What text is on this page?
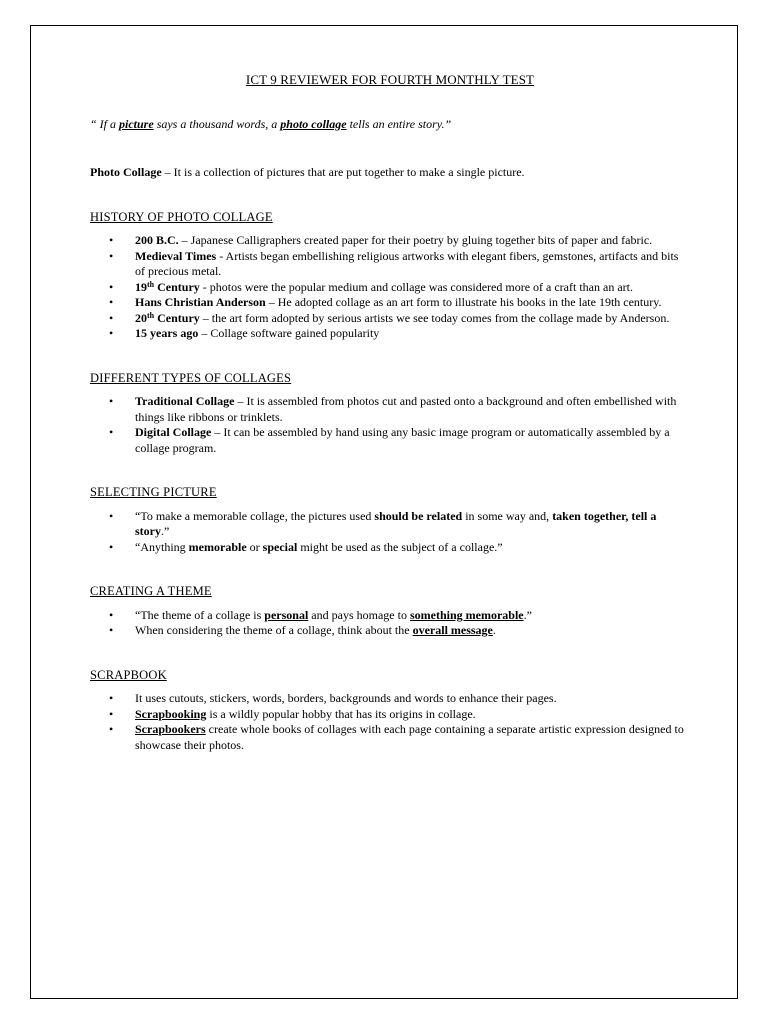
ICT 9 REVIEWER FOR FOURTH MONTHLY TEST

“ If a picture says a thousand words, a photo collage tells an entire story.”

Photo Collage – It is a collection of pictures that are put together to make a single picture.

HISTORY OF PHOTO COLLAGE
• 200 B.C. – Japanese Calligraphers created paper for their poetry by gluing together bits of paper and fabric.
• Medieval Times - Artists began embellishing religious artworks with elegant fibers, gemstones, artifacts and bits of precious metal.
• 19th Century - photos were the popular medium and collage was considered more of a craft than an art.
• Hans Christian Anderson – He adopted collage as an art form to illustrate his books in the late 19th century.
• 20th Century – the art form adopted by serious artists we see today comes from the collage made by Anderson.
• 15 years ago – Collage software gained popularity
DIFFERENT TYPES OF COLLAGES
• Traditional Collage – It is assembled from photos cut and pasted onto a background and often embellished with things like ribbons or trinklets.
• Digital Collage – It can be assembled by hand using any basic image program or automatically assembled by a collage program.
SELECTING PICTURE
• “To make a memorable collage, the pictures used should be related in some way and, taken together, tell a story.”
• “Anything memorable or special might be used as the subject of a collage.”
CREATING A THEME
• “The theme of a collage is personal and pays homage to something memorable.”
• When considering the theme of a collage, think about the overall message.
SCRAPBOOK
• It uses cutouts, stickers, words, borders, backgrounds and words to enhance their pages.
• Scrapbooking is a wildly popular hobby that has its origins in collage.
• Scrapbookers create whole books of collages with each page containing a separate artistic expression designed to showcase their photos.
